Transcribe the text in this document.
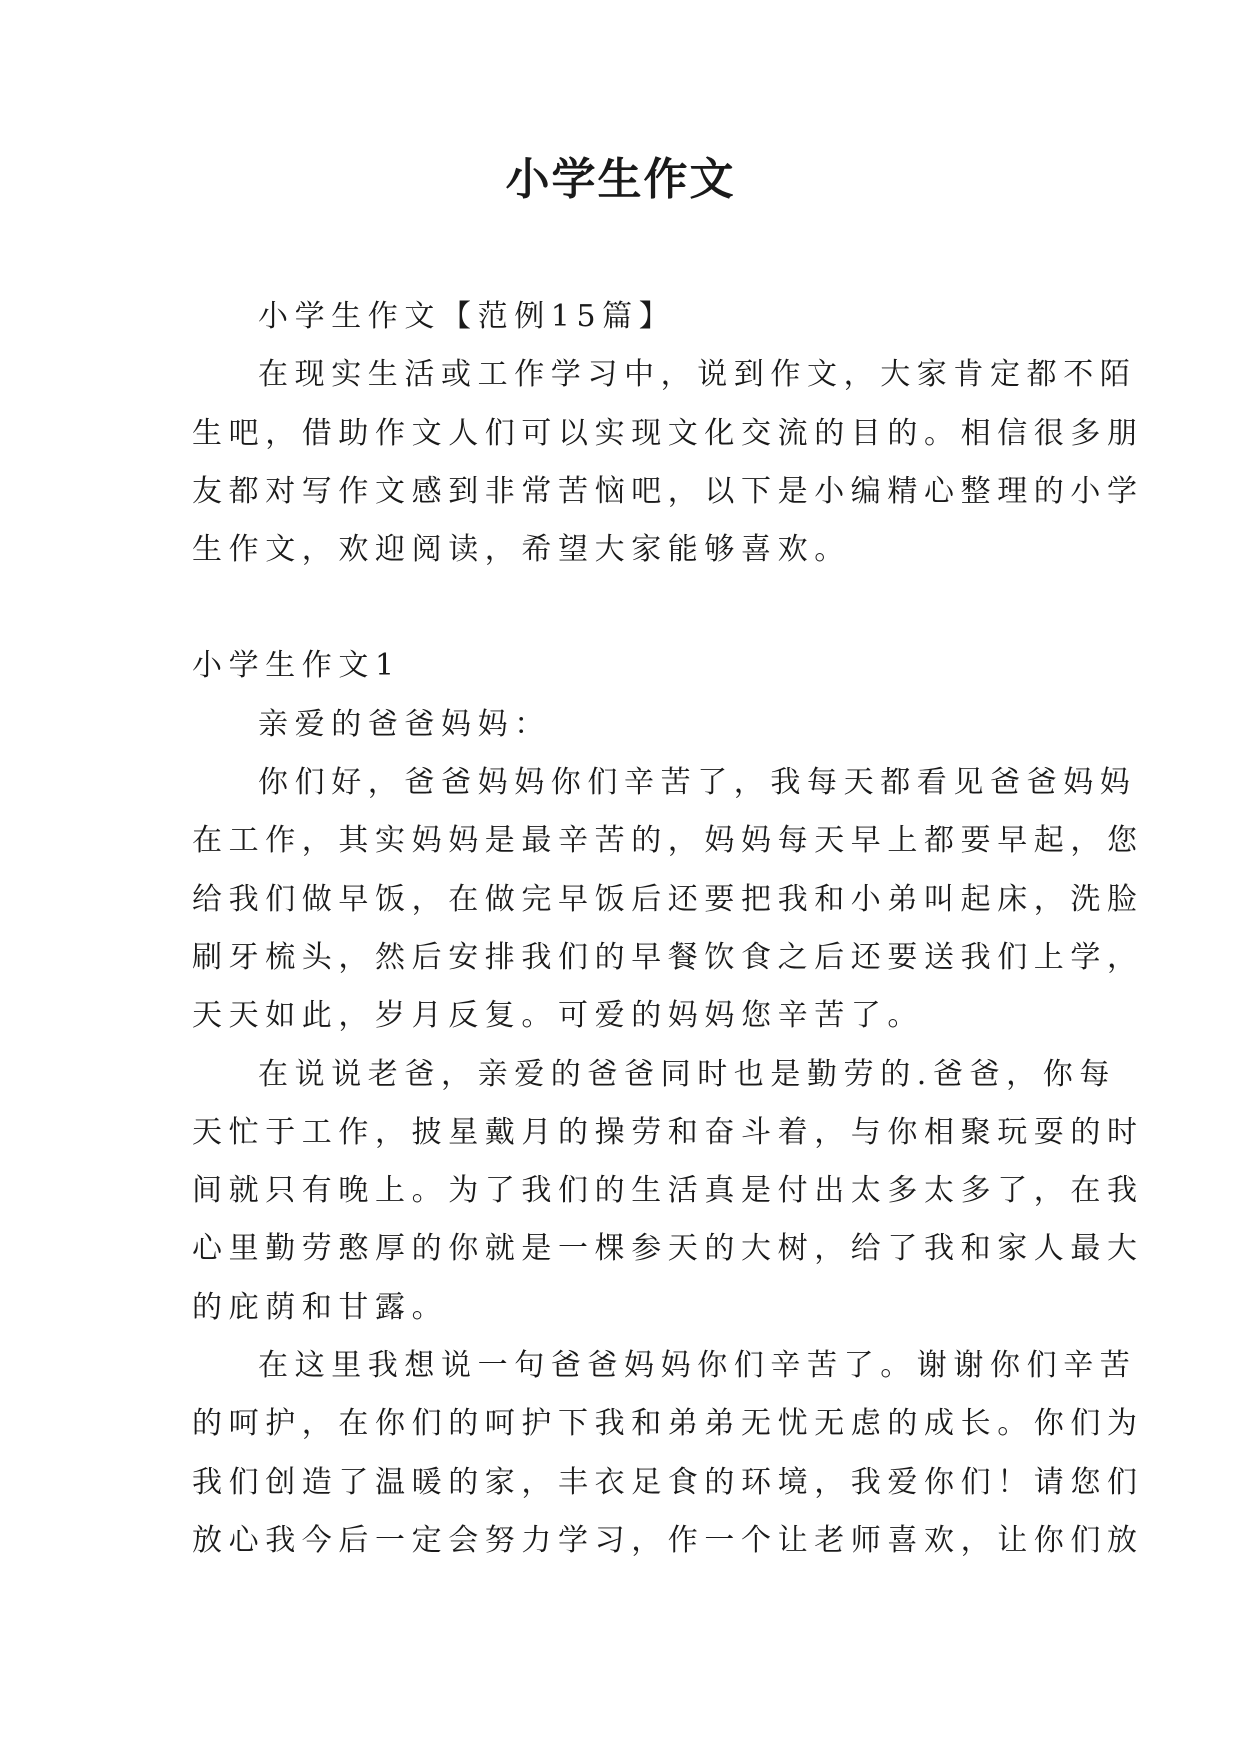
小学生作文

小学生作文【范例15篇】

在现实生活或工作学习中，说到作文，大家肯定都不陌

生吧，借助作文人们可以实现文化交流的目的。相信很多朋

友都对写作文感到非常苦恼吧，以下是小编精心整理的小学

生作文，欢迎阅读，希望大家能够喜欢。

小学生作文1

亲爱的爸爸妈妈：

你们好，爸爸妈妈你们辛苦了，我每天都看见爸爸妈妈

在工作，其实妈妈是最辛苦的，妈妈每天早上都要早起，您

给我们做早饭，在做完早饭后还要把我和小弟叫起床，洗脸

刷牙梳头，然后安排我们的早餐饮食之后还要送我们上学，

天天如此，岁月反复。可爱的妈妈您辛苦了。

在说说老爸，亲爱的爸爸同时也是勤劳的.爸爸，你每

天忙于工作，披星戴月的操劳和奋斗着，与你相聚玩耍的时

间就只有晚上。为了我们的生活真是付出太多太多了，在我

心里勤劳憨厚的你就是一棵参天的大树，给了我和家人最大

的庇荫和甘露。

在这里我想说一句爸爸妈妈你们辛苦了。谢谢你们辛苦

的呵护，在你们的呵护下我和弟弟无忧无虑的成长。你们为

我们创造了温暖的家，丰衣足食的环境，我爱你们！请您们

放心我今后一定会努力学习，作一个让老师喜欢，让你们放
